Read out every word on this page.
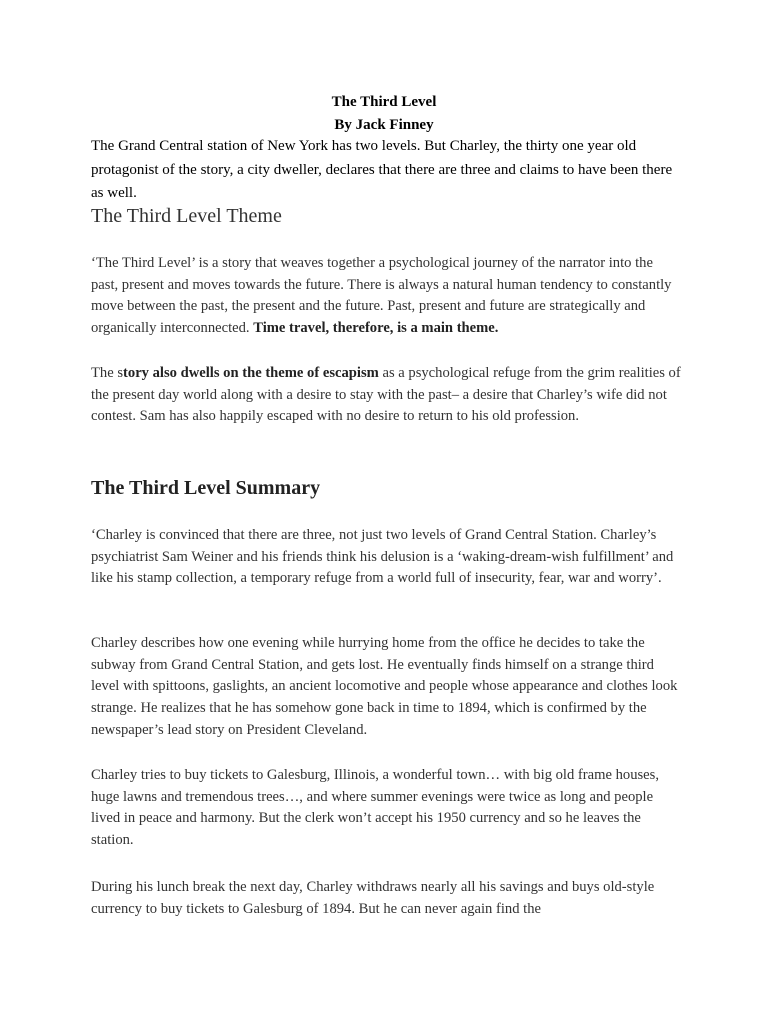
The Third Level
By Jack Finney
The Grand Central station of New York has two levels. But Charley, the thirty one year old protagonist of the story, a city dweller, declares that there are three and claims to have been there as well.
The Third Level Theme
‘The Third Level’ is a story that weaves together a psychological journey of the narrator into the past, present and moves towards the future. There is always a natural human tendency to constantly move between the past, the present and the future. Past, present and future are strategically and organically interconnected. Time travel, therefore, is a main theme.
The story also dwells on the theme of escapism as a psychological refuge from the grim realities of the present day world along with a desire to stay with the past– a desire that Charley’s wife did not contest. Sam has also happily escaped with no desire to return to his old profession.
The Third Level Summary
‘Charley is convinced that there are three, not just two levels of Grand Central Station. Charley’s psychiatrist Sam Weiner and his friends think his delusion is a ‘waking-dream-wish fulfillment’ and like his stamp collection, a temporary refuge from a world full of insecurity, fear, war and worry’.
Charley describes how one evening while hurrying home from the office he decides to take the subway from Grand Central Station, and gets lost. He eventually finds himself on a strange third level with spittoons, gaslights, an ancient locomotive and people whose appearance and clothes look strange. He realizes that he has somehow gone back in time to 1894, which is confirmed by the newspaper’s lead story on President Cleveland.
Charley tries to buy tickets to Galesburg, Illinois, a wonderful town… with big old frame houses, huge lawns and tremendous trees…, and where summer evenings were twice as long and people lived in peace and harmony. But the clerk won’t accept his 1950 currency and so he leaves the station.
During his lunch break the next day, Charley withdraws nearly all his savings and buys old-style currency to buy tickets to Galesburg of 1894. But he can never again find the
